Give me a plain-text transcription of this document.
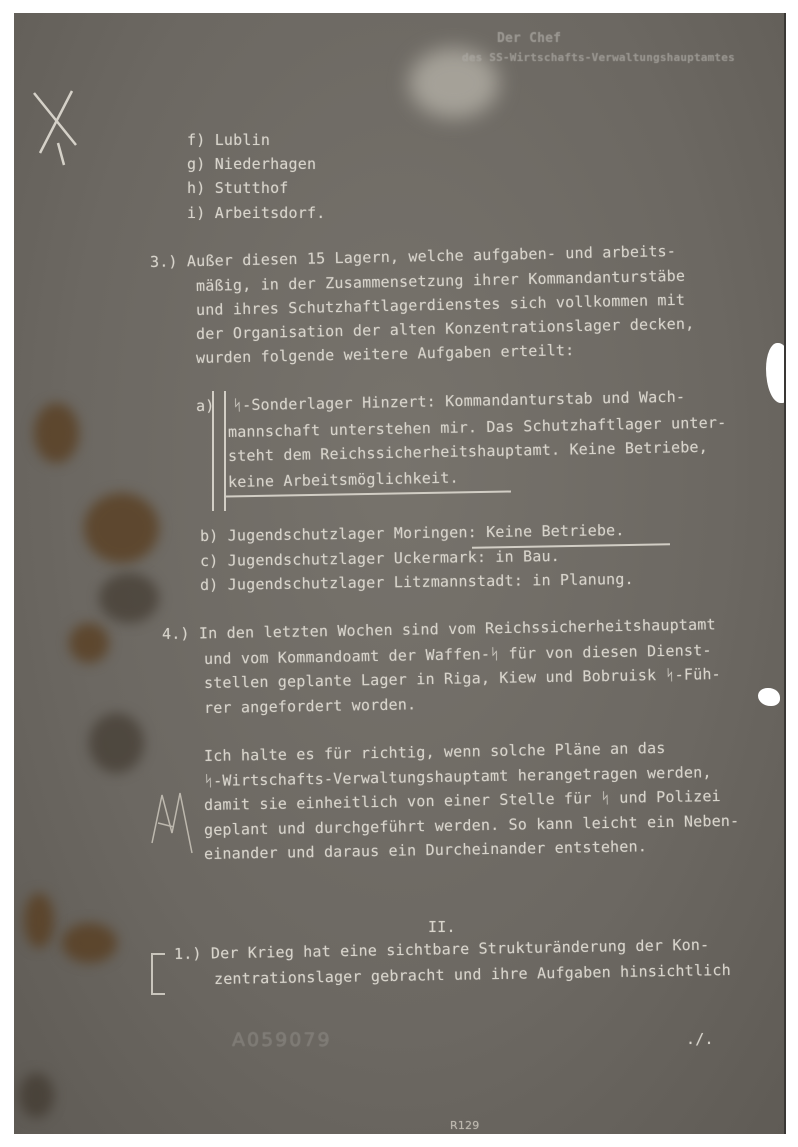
Der Chef
des SS-Wirtschafts-Verwaltungshauptamtes
f) Lublin
g) Niederhagen
h) Stutthof
i) Arbeitsdorf.
3.) Außer diesen 15 Lagern, welche aufgaben- und arbeits-
mäßig, in der Zusammensetzung ihrer Kommandanturstäbe
und ihres Schutzhaftlagerdienstes sich vollkommen mit
der Organisation der alten Konzentrationslager decken,
wurden folgende weitere Aufgaben erteilt:
a)  ᛋ-Sonderlager Hinzert: Kommandanturstab und Wach-
mannschaft unterstehen mir. Das Schutzhaftlager unter-
steht dem Reichssicherheitshauptamt. Keine Betriebe,
keine Arbeitsmöglichkeit.
b) Jugendschutzlager Moringen: Keine Betriebe.
c) Jugendschutzlager Uckermark: in Bau.
d) Jugendschutzlager Litzmannstadt: in Planung.
4.) In den letzten Wochen sind vom Reichssicherheitshauptamt
und vom Kommandoamt der Waffen-ᛋ für von diesen Dienst-
stellen geplante Lager in Riga, Kiew und Bobruisk ᛋ-Füh-
rer angefordert worden.
Ich halte es für richtig, wenn solche Pläne an das
ᛋ-Wirtschafts-Verwaltungshauptamt herangetragen werden,
damit sie einheitlich von einer Stelle für ᛋ und Polizei
geplant und durchgeführt werden. So kann leicht ein Neben-
einander und daraus ein Durcheinander entstehen.
II.
1.) Der Krieg hat eine sichtbare Strukturänderung der Kon-
zentrationslager gebracht und ihre Aufgaben hinsichtlich
A059079	./.
R129
